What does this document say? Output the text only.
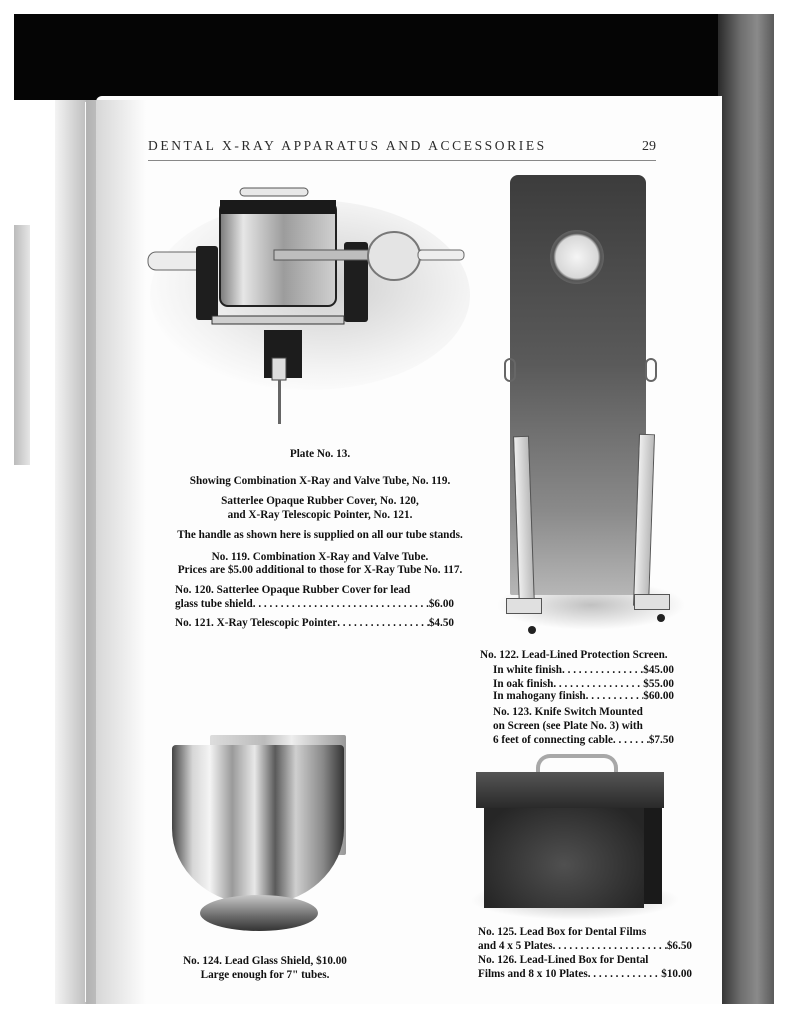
DENTAL X-RAY APPARATUS AND ACCESSORIES	29
Plate No. 13.
Showing Combination X-Ray and Valve Tube, No. 119.
Satterlee Opaque Rubber Cover, No. 120,
and X-Ray Telescopic Pointer, No. 121.
The handle as shown here is supplied on all our tube stands.
No. 119. Combination X-Ray and Valve Tube.
Prices are $5.00 additional to those for X-Ray Tube No. 117.
No. 120. Satterlee Opaque Rubber Cover for lead
glass tube shield . . .	$6.00
No. 121. X-Ray Telescopic Pointer . . .	$4.50
No. 122. Lead-Lined Protection Screen.
In white finish . . .	$45.00
In oak finish . . .	$55.00
In mahogany finish . . .	$60.00
No. 123. Knife Switch Mounted
on Screen (see Plate No. 3) with
6 feet of connecting cable . . .	$7.50
No. 124. Lead Glass Shield, $10.00
Large enough for 7" tubes.
No. 125. Lead Box for Dental Films
and 4 x 5 Plates . . .	$6.50
No. 126. Lead-Lined Box for Dental
Films and 8 x 10 Plates . . .	$10.00
